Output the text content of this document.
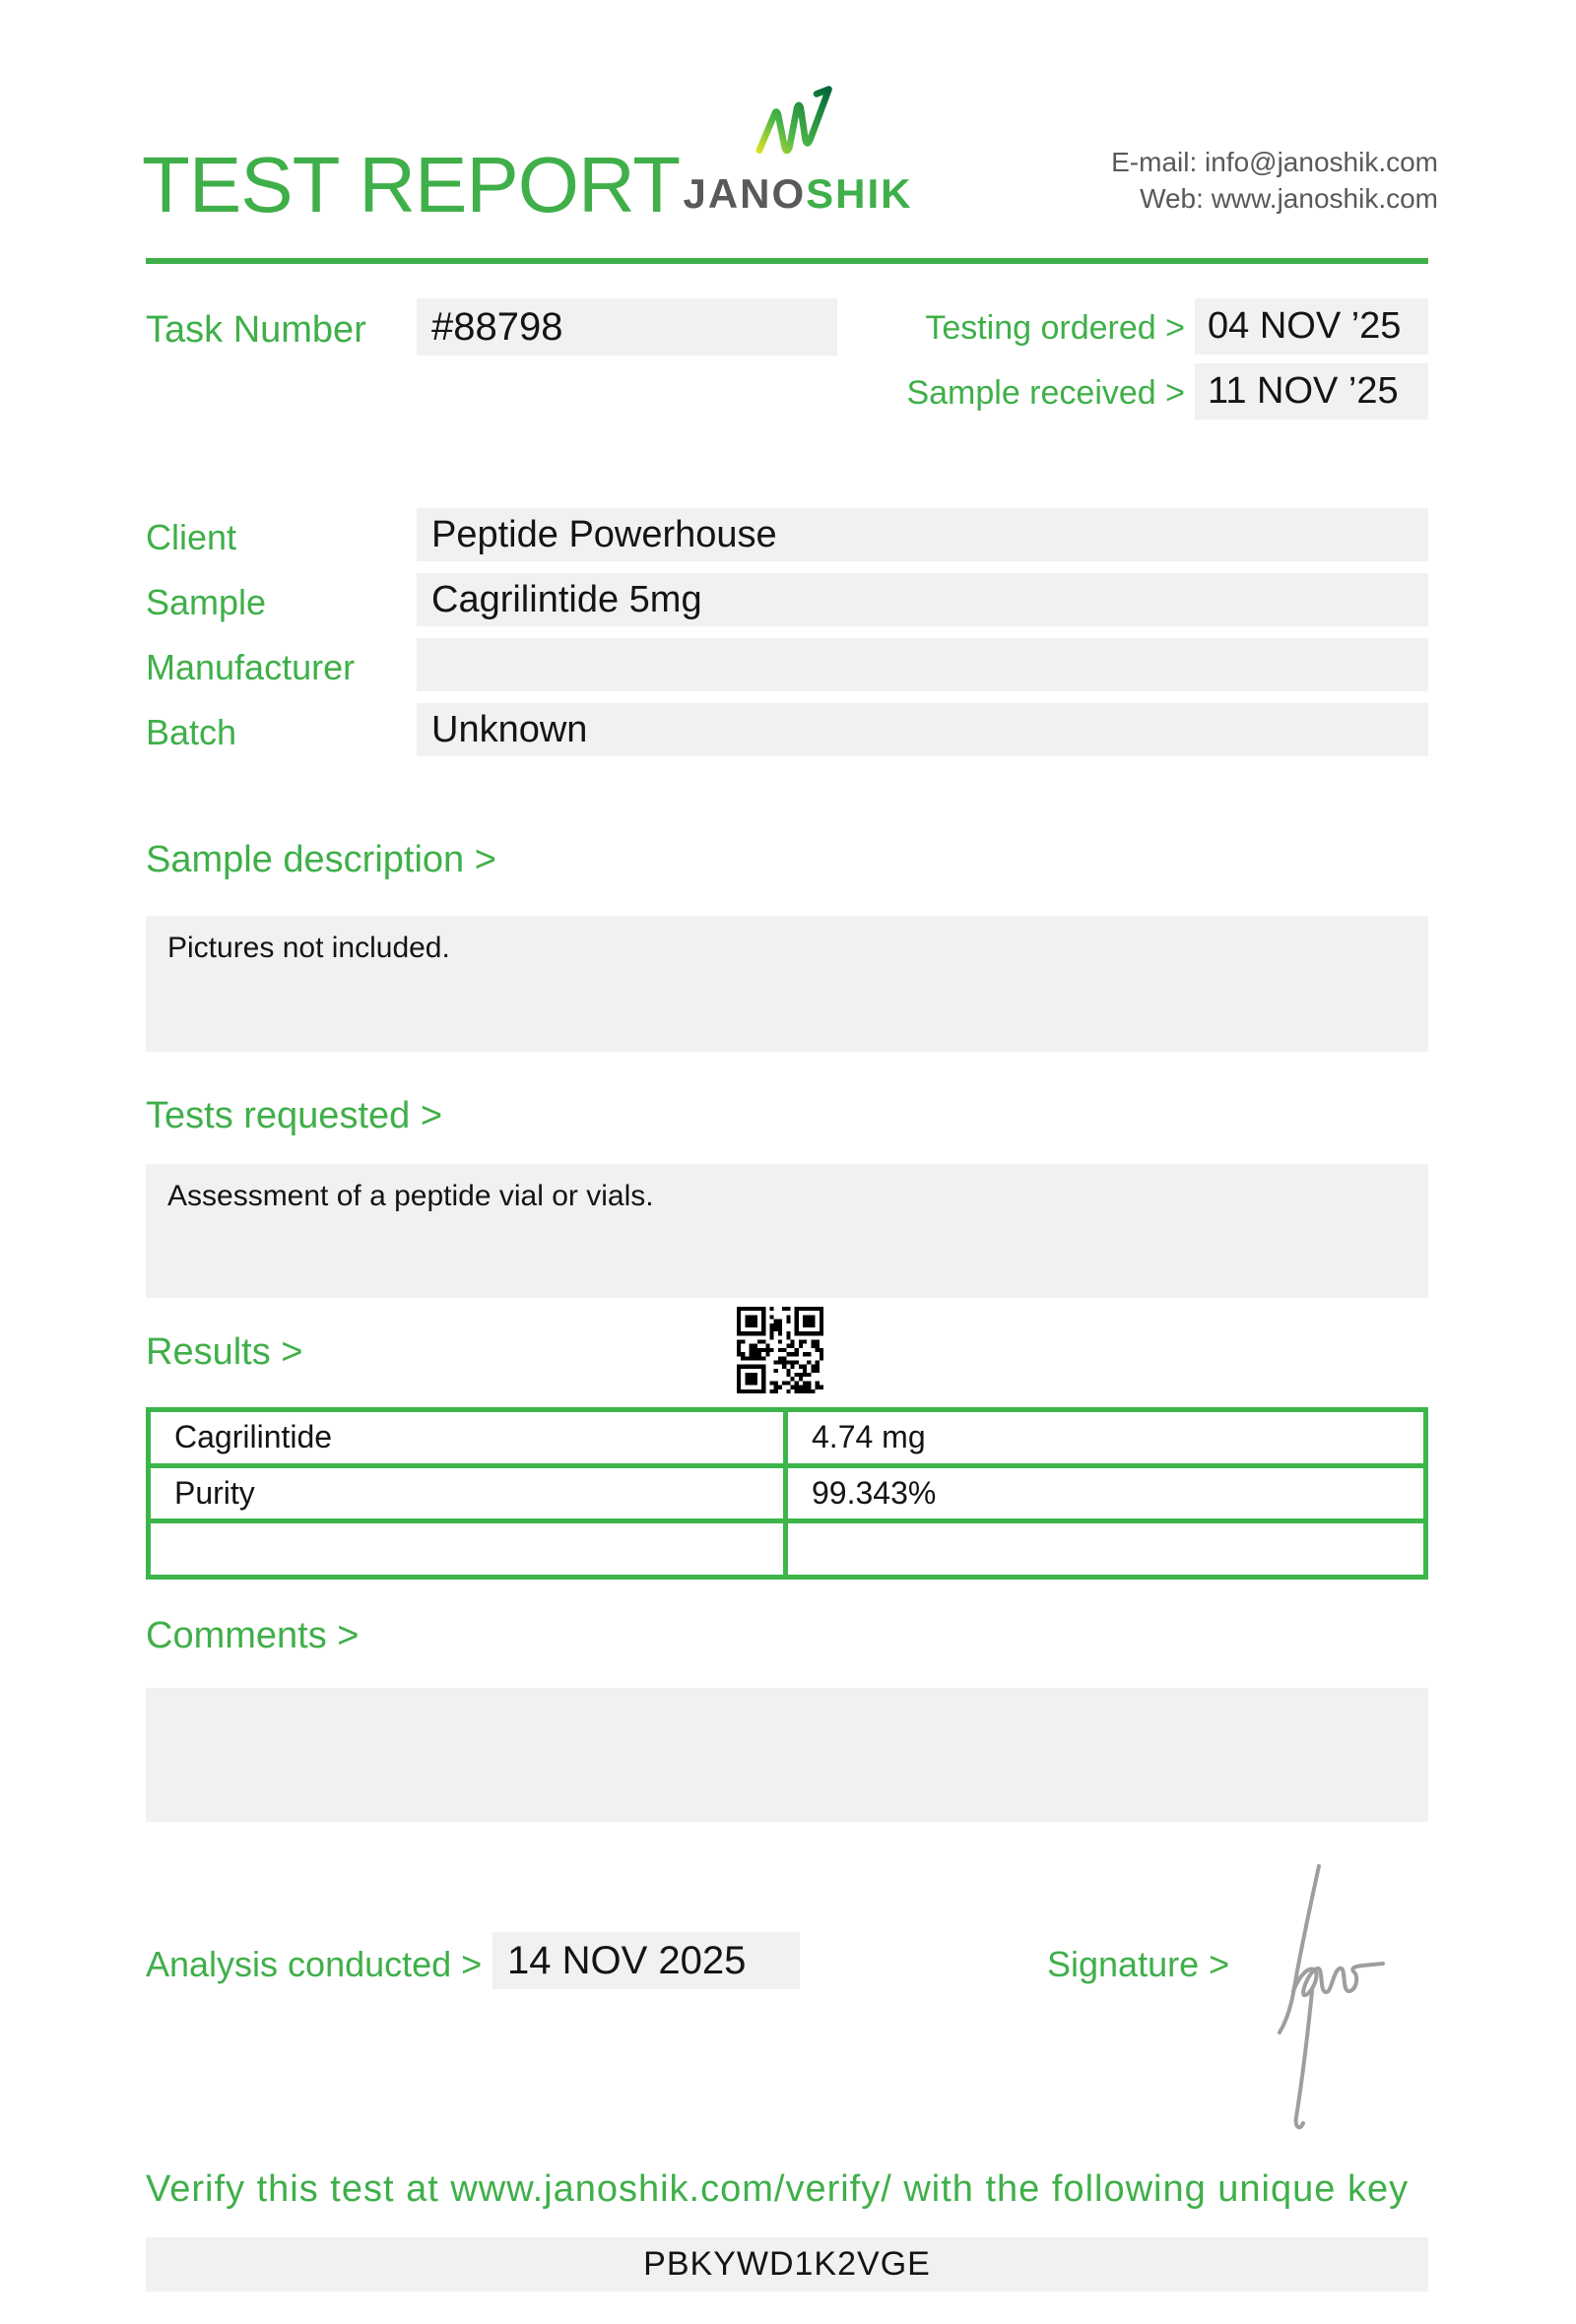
TEST REPORT JANOSHIK
E-mail: info@janoshik.com
Web: www.janoshik.com
Task Number	#88798	Testing ordered > 04 NOV ’25
Sample received > 11 NOV ’25
Client	Peptide Powerhouse
Sample	Cagrilintide 5mg
Manufacturer
Batch	Unknown
Sample description >
Pictures not included.
Tests requested >
Assessment of a peptide vial or vials.
Results >
Cagrilintide	4.74 mg
Purity	99.343%
Comments >
Analysis conducted > 14 NOV 2025	Signature >
Verify this test at www.janoshik.com/verify/ with the following unique key
PBKYWD1K2VGE
